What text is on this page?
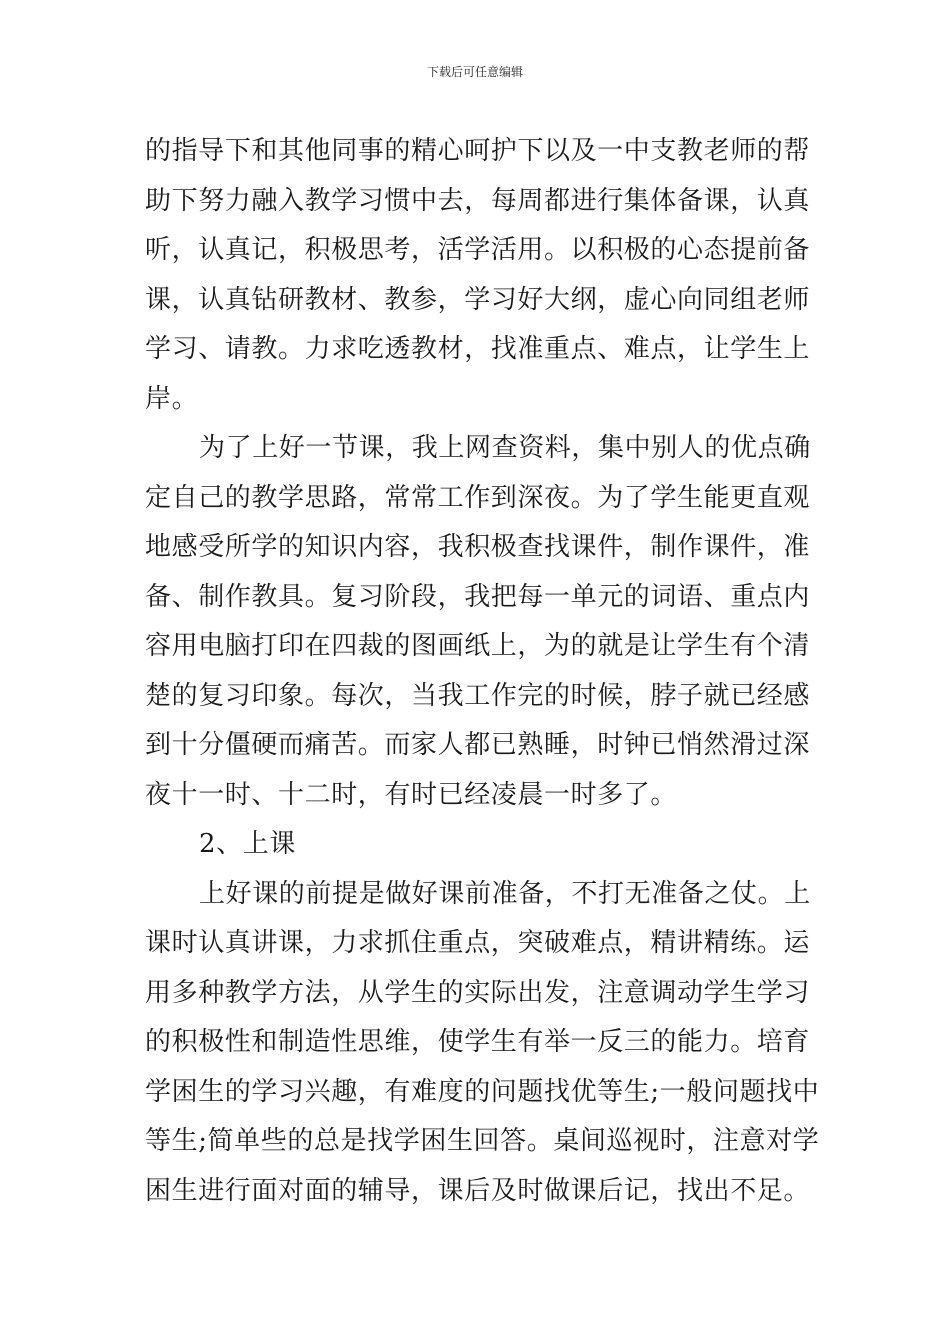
下载后可任意编辑
的指导下和其他同事的精心呵护下以及一中支教老师的帮
助下努力融入教学习惯中去，每周都进行集体备课，认真
听，认真记，积极思考，活学活用。以积极的心态提前备
课，认真钻研教材、教参，学习好大纲，虚心向同组老师
学习、请教。力求吃透教材，找准重点、难点，让学生上
岸。
为了上好一节课，我上网查资料，集中别人的优点确
定自己的教学思路，常常工作到深夜。为了学生能更直观
地感受所学的知识内容，我积极查找课件，制作课件，准
备、制作教具。复习阶段，我把每一单元的词语、重点内
容用电脑打印在四裁的图画纸上，为的就是让学生有个清
楚的复习印象。每次，当我工作完的时候，脖子就已经感
到十分僵硬而痛苦。而家人都已熟睡，时钟已悄然滑过深
夜十一时、十二时，有时已经凌晨一时多了。
2、上课
上好课的前提是做好课前准备，不打无准备之仗。上
课时认真讲课，力求抓住重点，突破难点，精讲精练。运
用多种教学方法，从学生的实际出发，注意调动学生学习
的积极性和制造性思维，使学生有举一反三的能力。培育
学困生的学习兴趣，有难度的问题找优等生;一般问题找中
等生;简单些的总是找学困生回答。桌间巡视时，注意对学
困生进行面对面的辅导，课后及时做课后记，找出不足。
